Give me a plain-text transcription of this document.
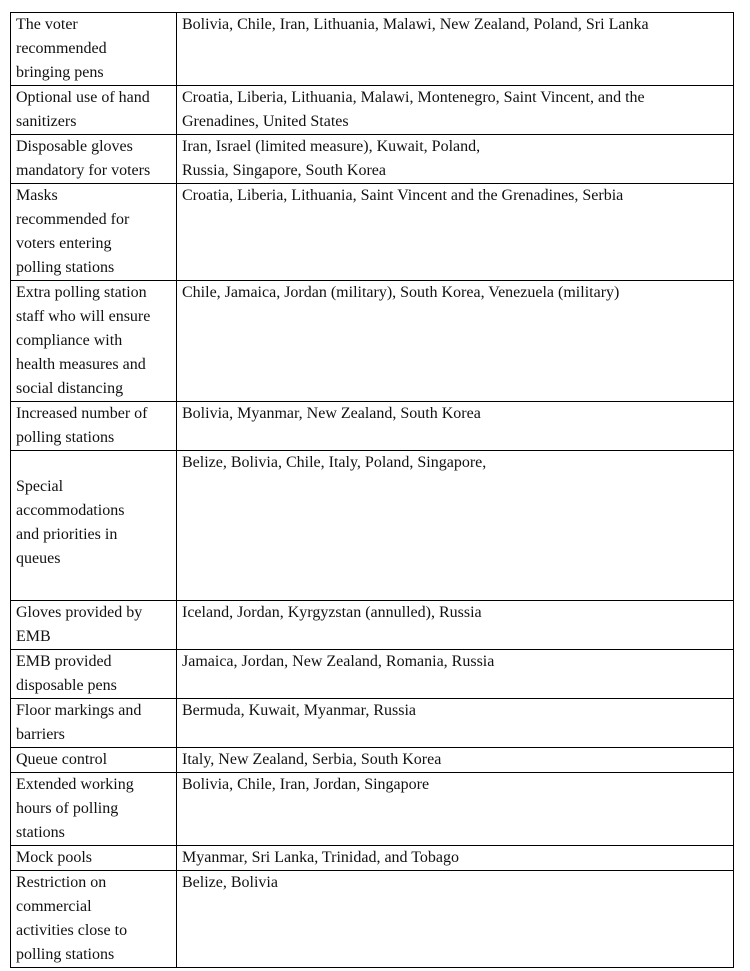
The voter
recommended
bringing pens	Bolivia, Chile, Iran, Lithuania, Malawi, New Zealand, Poland, Sri Lanka

Optional use of hand
sanitizers	Croatia, Liberia, Lithuania, Malawi, Montenegro, Saint Vincent, and the
Grenadines, United States

Disposable gloves
mandatory for voters	Iran, Israel (limited measure), Kuwait, Poland,
Russia, Singapore, South Korea

Masks
recommended for
voters entering
polling stations	Croatia, Liberia, Lithuania, Saint Vincent and the Grenadines, Serbia

Extra polling station
staff who will ensure
compliance with
health measures and
social distancing	Chile, Jamaica, Jordan (military), South Korea, Venezuela (military)

Increased number of
polling stations	Bolivia, Myanmar, New Zealand, South Korea

Special
accommodations
and priorities in
queues	Belize, Bolivia, Chile, Italy, Poland, Singapore,

Gloves provided by
EMB	Iceland, Jordan, Kyrgyzstan (annulled), Russia

EMB provided
disposable pens	Jamaica, Jordan, New Zealand, Romania, Russia

Floor markings and
barriers	Bermuda, Kuwait, Myanmar, Russia

Queue control	Italy, New Zealand, Serbia, South Korea

Extended working
hours of polling
stations	Bolivia, Chile, Iran, Jordan, Singapore

Mock pools	Myanmar, Sri Lanka, Trinidad, and Tobago

Restriction on
commercial
activities close to
polling stations	Belize, Bolivia
